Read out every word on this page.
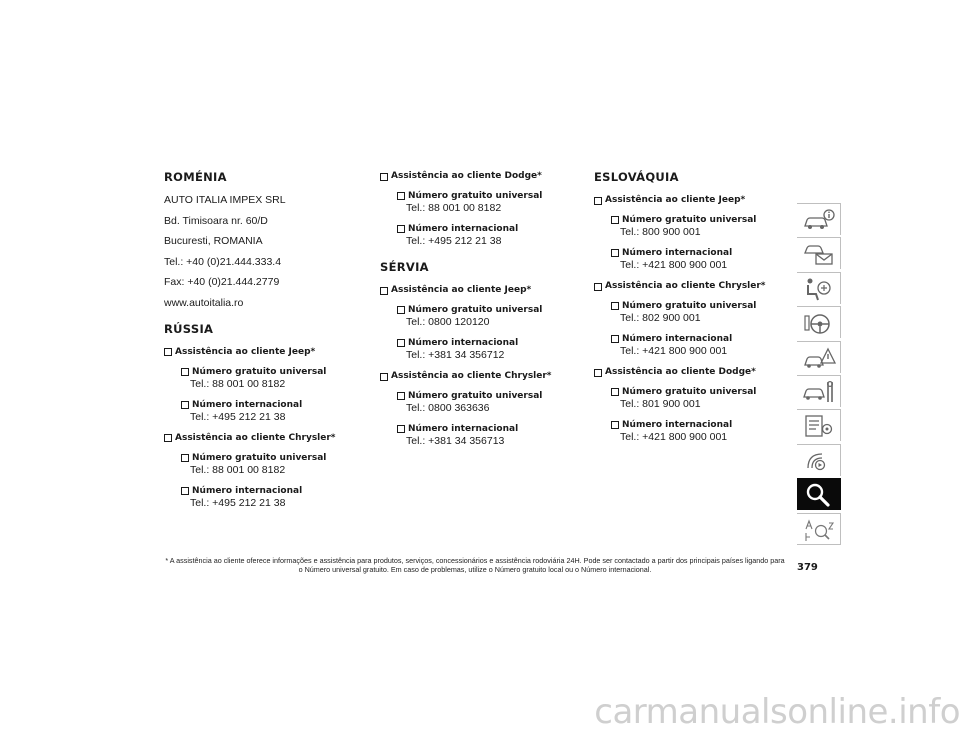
ROMÉNIA
AUTO ITALIA IMPEX SRL
Bd. Timisoara nr. 60/D
Bucuresti, ROMANIA
Tel.: +40 (0)21.444.333.4
Fax: +40 (0)21.444.2779
www.autoitalia.ro
RÚSSIA
Assistência ao cliente Jeep*
Número gratuito universal
Tel.: 88 001 00 8182
Número internacional
Tel.: +495 212 21 38
Assistência ao cliente Chrysler*
Número gratuito universal
Tel.: 88 001 00 8182
Número internacional
Tel.: +495 212 21 38
Assistência ao cliente Dodge*
Número gratuito universal
Tel.: 88 001 00 8182
Número internacional
Tel.: +495 212 21 38
SÉRVIA
Assistência ao cliente Jeep*
Número gratuito universal
Tel.: 0800 120120
Número internacional
Tel.: +381 34 356712
Assistência ao cliente Chrysler*
Número gratuito universal
Tel.: 0800 363636
Número internacional
Tel.: +381 34 356713
ESLOVÁQUIA
Assistência ao cliente Jeep*
Número gratuito universal
Tel.: 800 900 001
Número internacional
Tel.: +421 800 900 001
Assistência ao cliente Chrysler*
Número gratuito universal
Tel.: 802 900 001
Número internacional
Tel.: +421 800 900 001
Assistência ao cliente Dodge*
Número gratuito universal
Tel.: 801 900 001
Número internacional
Tel.: +421 800 900 001
* A assistência ao cliente oferece informações e assistência para produtos, serviços, concessionários e assistência rodoviária 24H. Pode ser contactado a partir dos principais países ligando para o Número universal gratuito. Em caso de problemas, utilize o Número gratuito local ou o Número internacional.	379
carmanualsonline.info
